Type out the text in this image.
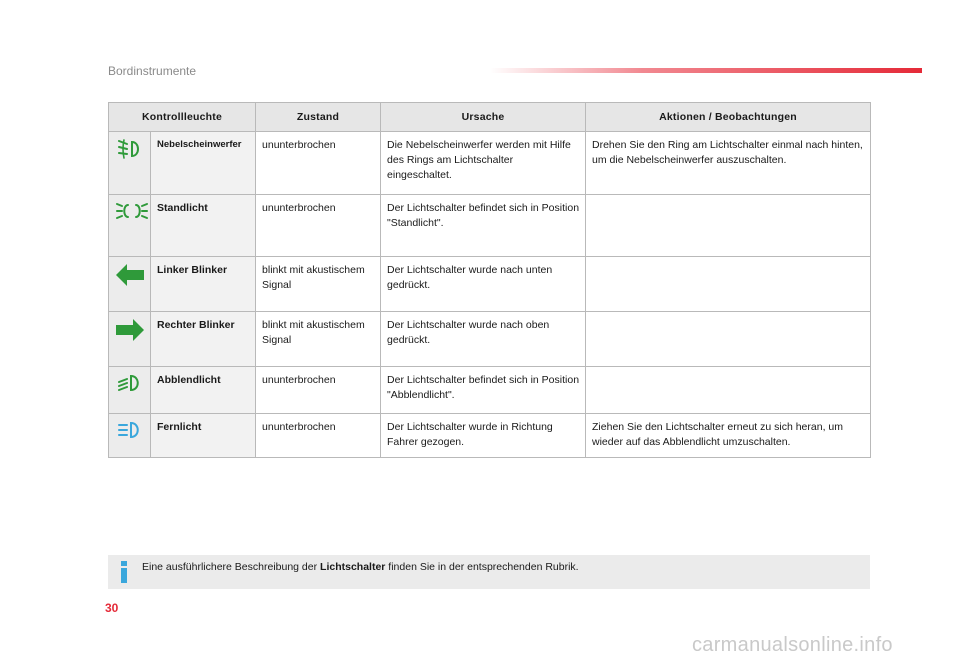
Bordinstrumente
Kontrollleuchte		Zustand	Ursache	Aktionen / Beobachtungen

	Nebelscheinwerfer	ununterbrochen	Die Nebelscheinwerfer werden mit Hilfe des Rings am Lichtschalter eingeschaltet.	Drehen Sie den Ring am Lichtschalter einmal nach hinten, um die Nebelscheinwerfer auszuschalten.

	Standlicht	ununterbrochen	Der Lichtschalter befindet sich in Position "Standlicht".	

	Linker Blinker	blinkt mit akustischem Signal	Der Lichtschalter wurde nach unten gedrückt.	

	Rechter Blinker	blinkt mit akustischem Signal	Der Lichtschalter wurde nach oben gedrückt.	

	Abblendlicht	ununterbrochen	Der Lichtschalter befindet sich in Position "Abblendlicht".	

	Fernlicht	ununterbrochen	Der Lichtschalter wurde in Richtung Fahrer gezogen.	Ziehen Sie den Lichtschalter erneut zu sich heran, um wieder auf das Abblendlicht umzuschalten.
Eine ausführlichere Beschreibung der Lichtschalter finden Sie in der entsprechenden Rubrik.
30
carmanualsonline.info
